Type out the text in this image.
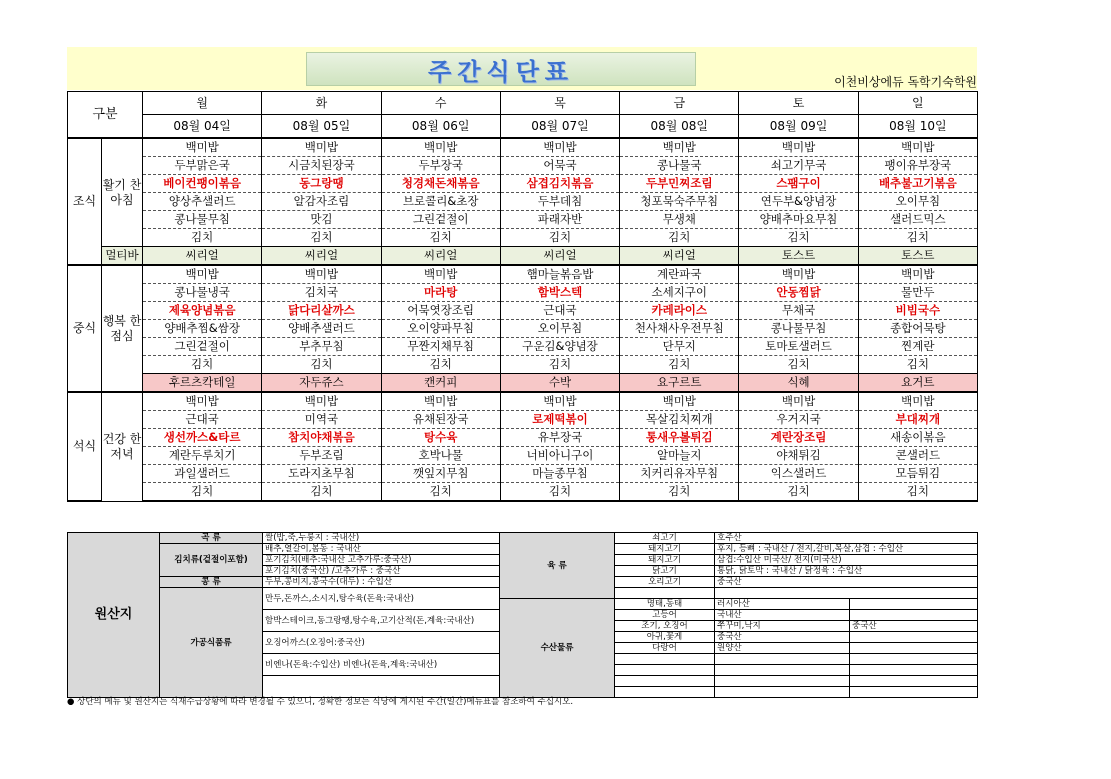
주간식단표	이천비상에듀 독학기숙학원
구분		월	화	수	목	금	토	일
		08월 04일	08월 05일	08월 06일	08월 07일	08월 08일	08월 09일	08월 10일
조식	활기 찬 아침	백미밥	백미밥	백미밥	백미밥	백미밥	백미밥	백미밥
		두부맑은국	시금치된장국	두부장국	어묵국	콩나물국	쇠고기무국	팽이유부장국
		베이컨팽이볶음	동그랑땡	청경채돈채볶음	삼겹김치볶음	두부민찌조림	스팸구이	배추불고기볶음
		양상추샐러드	알감자조림	브로콜리&초장	두부데침	청포묵숙주무침	연두부&양념장	오이무침
		콩나물무침	맛김	그린겉절이	파래자반	무생채	양배추마요무침	샐러드믹스
		김치	김치	김치	김치	김치	김치	김치
	멀티바	씨리얼	씨리얼	씨리얼	씨리얼	씨리얼	토스트	토스트
중식	행복 한 점심	백미밥	백미밥	백미밥	햄마늘볶음밥	계란파국	백미밥	백미밥
		콩나물냉국	김치국	마라탕	함박스텍	소세지구이	안동찜닭	물만두
		제육양념볶음	닭다리살까스	어묵엿장조림	근대국	카레라이스	무채국	비빔국수
		양배추찜&쌈장	양배추샐러드	오이양파무침	오이무침	천사채사우전무침	콩나물무침	종합어묵탕
		그린겉절이	부추무침	무짠지채무침	구운김&양념장	단무지	토마토샐러드	찐계란
		김치	김치	김치	김치	김치	김치	김치
		후르츠칵테일	자두쥬스	캔커피	수박	요구르트	식혜	요거트
석식	건강 한 저녁	백미밥	백미밥	백미밥	백미밥	백미밥	백미밥	백미밥
		근대국	미역국	유채된장국	로제떡볶이	목살김치찌개	우거지국	부대찌개
		생선까스&타르	참치야채볶음	탕수육	유부장국	통새우볼튀김	계란장조림	새송이볶음
		계란두루치기	두부조림	호박나물	너비아니구이	알마늘지	야채튀김	콘샐러드
		과일샐러드	도라지초무침	깻잎지무침	마늘종무침	치커리유자무침	익스샐러드	모듬튀김
		김치	김치	김치	김치	김치	김치	김치
원산지	곡 류	쌀(밥,죽,누룽지 : 국내산)	육 류	쇠고기	호주산	
	김치류(겉절이포함)	배추,열갈이,봄동 : 국내산		돼지고기	후지, 등뼈 : 국내산 / 전지,갈비,목살,삼겹 : 수입산	
		포기김치(배추:국내산 고추가루:중국산)		돼지고기	삼겹:수입산 미국산/ 전지(미국산)	
		포기김치(중국산) /고추가루 : 중국산		닭고기	통닭, 닭토막 : 국내산 / 닭정육 : 수입산	
	콩 류	두부,콩비지,콩국수(대두) : 수입산		오리고기	중국산	
	가공식품류	만두,돈까스,소시지,탕수육(돈육:국내산)				
			수산물류	명태,동태	러시아산	
		함박스테이크,동그랑땡,탕수육,고기산적(돈,계육:국내산)		고등어	국내산	
				조기, 오징어	쭈꾸미,낙지	중국산
		오징어까스(오징어:중국산)		아귀,꽃게	중국산	
				다랑어	원양산	
		비엔나(돈육:수입산) 비엔나(돈육,계육:국내산)				

● 상단의 메뉴 및 원산지는 식재수급상황에 따라 변경될 수 있으니, 정확한 정보는 식당에 게시된 주간(일간)메뉴표를 참조하여 주십시오.
